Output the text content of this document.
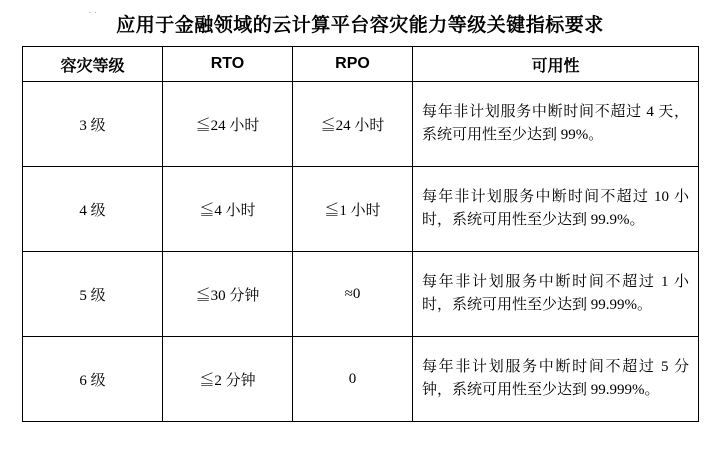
··
应用于金融领域的云计算平台容灾能力等级关键指标要求
容灾等级	RTO	RPO	可用性
3 级	≦24 小时	≦24 小时	每年非计划服务中断时间不超过 4 天，系统可用性至少达到 99%。

4 级	≦4 小时	≦1 小时	每年非计划服务中断时间不超过 10 小时，系统可用性至少达到 99.9%。

5 级	≦30 分钟	≈0	每年非计划服务中断时间不超过 1 小时，系统可用性至少达到 99.99%。

6 级	≦2 分钟	0	每年非计划服务中断时间不超过 5 分钟，系统可用性至少达到 99.999%。
